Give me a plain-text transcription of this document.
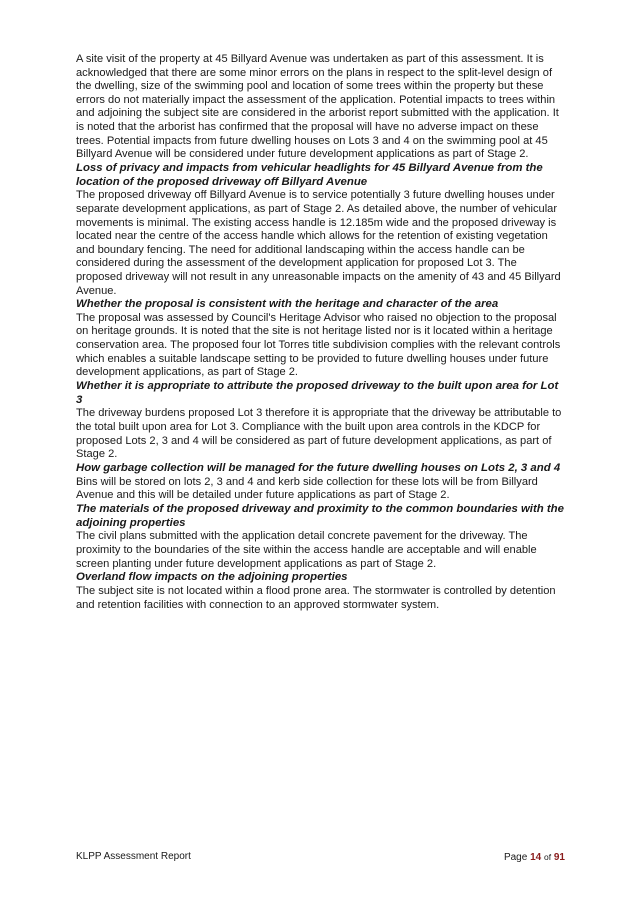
A site visit of the property at 45 Billyard Avenue was undertaken as part of this assessment. It is acknowledged that there are some minor errors on the plans in respect to the split-level design of the dwelling, size of the swimming pool and location of some trees within the property but these errors do not materially impact the assessment of the application. Potential impacts to trees within and adjoining the subject site are considered in the arborist report submitted with the application. It is noted that the arborist has confirmed that the proposal will have no adverse impact on these trees. Potential impacts from future dwelling houses on Lots 3 and 4 on the swimming pool at 45 Billyard Avenue will be considered under future development applications as part of Stage 2.

Loss of privacy and impacts from vehicular headlights for 45 Billyard Avenue from the location of the proposed driveway off Billyard Avenue

The proposed driveway off Billyard Avenue is to service potentially 3 future dwelling houses under separate development applications, as part of Stage 2. As detailed above, the number of vehicular movements is minimal. The existing access handle is 12.185m wide and the proposed driveway is located near the centre of the access handle which allows for the retention of existing vegetation and boundary fencing. The need for additional landscaping within the access handle can be considered during the assessment of the development application for proposed Lot 3. The proposed driveway will not result in any unreasonable impacts on the amenity of 43 and 45 Billyard Avenue.

Whether the proposal is consistent with the heritage and character of the area

The proposal was assessed by Council's Heritage Advisor who raised no objection to the proposal on heritage grounds. It is noted that the site is not heritage listed nor is it located within a heritage conservation area. The proposed four lot Torres title subdivision complies with the relevant controls which enables a suitable landscape setting to be provided to future dwelling houses under future development applications, as part of Stage 2.

Whether it is appropriate to attribute the proposed driveway to the built upon area for Lot 3

The driveway burdens proposed Lot 3 therefore it is appropriate that the driveway be attributable to the total built upon area for Lot 3. Compliance with the built upon area controls in the KDCP for proposed Lots 2, 3 and 4 will be considered as part of future development applications, as part of Stage 2.

How garbage collection will be managed for the future dwelling houses on Lots 2, 3 and 4

Bins will be stored on lots 2, 3 and 4 and kerb side collection for these lots will be from Billyard Avenue and this will be detailed under future applications as part of Stage 2.

The materials of the proposed driveway and proximity to the common boundaries with the adjoining properties

The civil plans submitted with the application detail concrete pavement for the driveway. The proximity to the boundaries of the site within the access handle are acceptable and will enable screen planting under future development applications as part of Stage 2.

Overland flow impacts on the adjoining properties

The subject site is not located within a flood prone area. The stormwater is controlled by detention and retention facilities with connection to an approved stormwater system.

KLPP Assessment Report	Page 14 of 91
